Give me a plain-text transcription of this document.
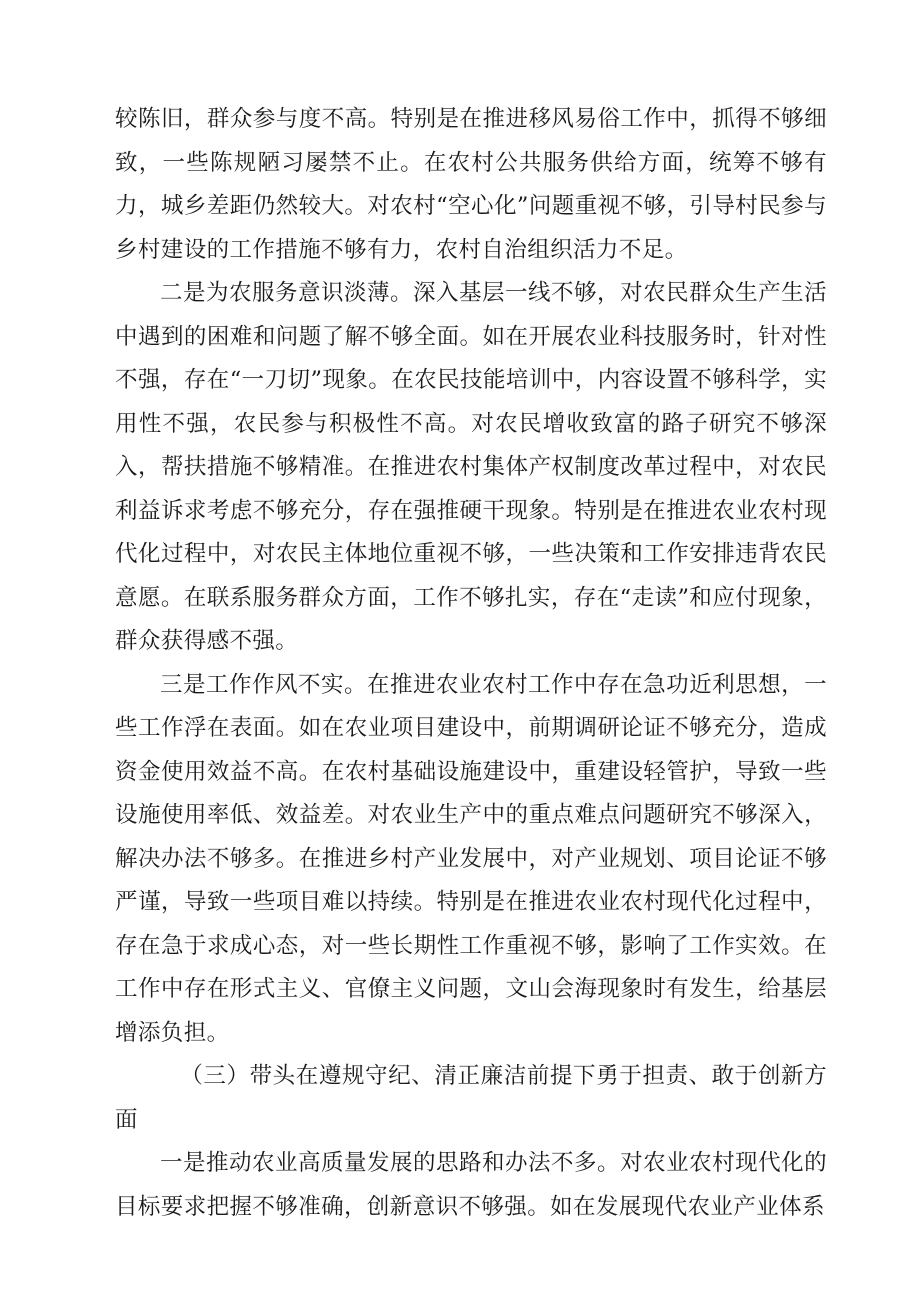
较陈旧，群众参与度不高。特别是在推进移风易俗工作中，抓得不够细致，一些陈规陋习屡禁不止。在农村公共服务供给方面，统筹不够有力，城乡差距仍然较大。对农村“空心化”问题重视不够，引导村民参与乡村建设的工作措施不够有力，农村自治组织活力不足。

二是为农服务意识淡薄。深入基层一线不够，对农民群众生产生活中遇到的困难和问题了解不够全面。如在开展农业科技服务时，针对性不强，存在“一刀切”现象。在农民技能培训中，内容设置不够科学，实用性不强，农民参与积极性不高。对农民增收致富的路子研究不够深入，帮扶措施不够精准。在推进农村集体产权制度改革过程中，对农民利益诉求考虑不够充分，存在强推硬干现象。特别是在推进农业农村现代化过程中，对农民主体地位重视不够，一些决策和工作安排违背农民意愿。在联系服务群众方面，工作不够扎实，存在“走读”和应付现象，群众获得感不强。

三是工作作风不实。在推进农业农村工作中存在急功近利思想，一些工作浮在表面。如在农业项目建设中，前期调研论证不够充分，造成资金使用效益不高。在农村基础设施建设中，重建设轻管护，导致一些设施使用率低、效益差。对农业生产中的重点难点问题研究不够深入，解决办法不够多。在推进乡村产业发展中，对产业规划、项目论证不够严谨，导致一些项目难以持续。特别是在推进农业农村现代化过程中，存在急于求成心态，对一些长期性工作重视不够，影响了工作实效。在工作中存在形式主义、官僚主义问题，文山会海现象时有发生，给基层增添负担。

（三）带头在遵规守纪、清正廉洁前提下勇于担责、敢于创新方面

一是推动农业高质量发展的思路和办法不多。对农业农村现代化的目标要求把握不够准确，创新意识不够强。如在发展现代农业产业体系
